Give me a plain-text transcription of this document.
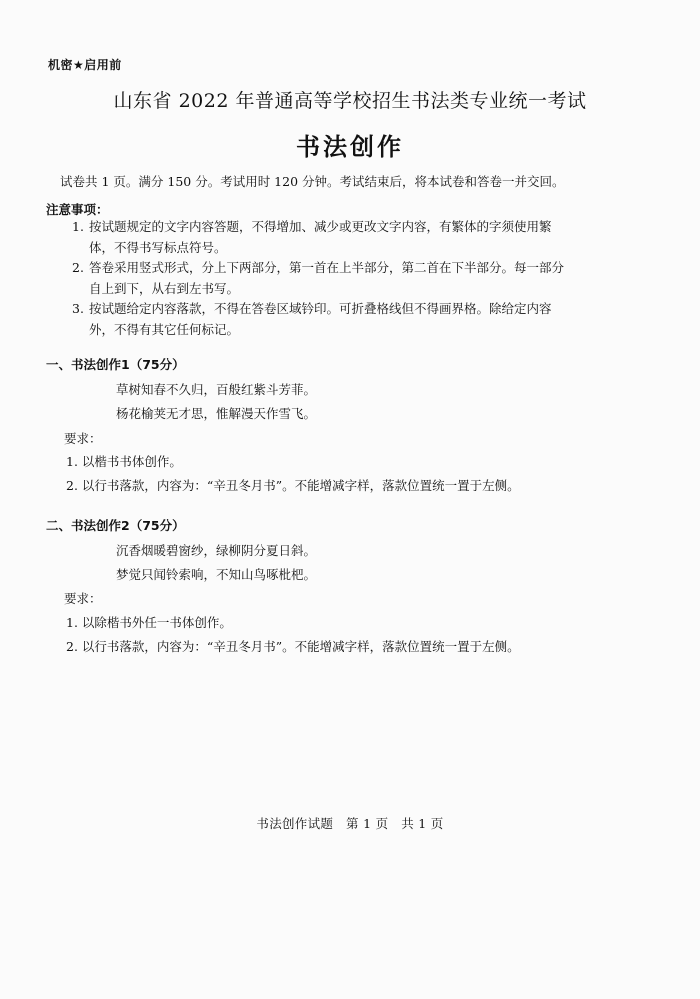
机密★启用前
山东省 2022 年普通高等学校招生书法类专业统一考试
书法创作
试卷共 1 页。满分 150 分。考试用时 120 分钟。考试结束后，将本试卷和答卷一并交回。
注意事项：
1. 按试题规定的文字内容答题，不得增加、减少或更改文字内容，有繁体的字须使用繁体，不得书写标点符号。
2. 答卷采用竖式形式，分上下两部分，第一首在上半部分，第二首在下半部分。每一部分自上到下，从右到左书写。
3. 按试题给定内容落款，不得在答卷区域钤印。可折叠格线但不得画界格。除给定内容外，不得有其它任何标记。
一、书法创作1（75分）
草树知春不久归，百般红紫斗芳菲。
杨花榆荚无才思，惟解漫天作雪飞。
要求：
1. 以楷书书体创作。
2. 以行书落款，内容为：“辛丑冬月书”。不能增减字样，落款位置统一置于左侧。
二、书法创作2（75分）
沉香烟暖碧窗纱，绿柳阴分夏日斜。
梦觉只闻铃索响，不知山鸟啄枇杷。
要求：
1. 以除楷书外任一书体创作。
2. 以行书落款，内容为：“辛丑冬月书”。不能增减字样，落款位置统一置于左侧。
书法创作试题　第 1 页　共 1 页
